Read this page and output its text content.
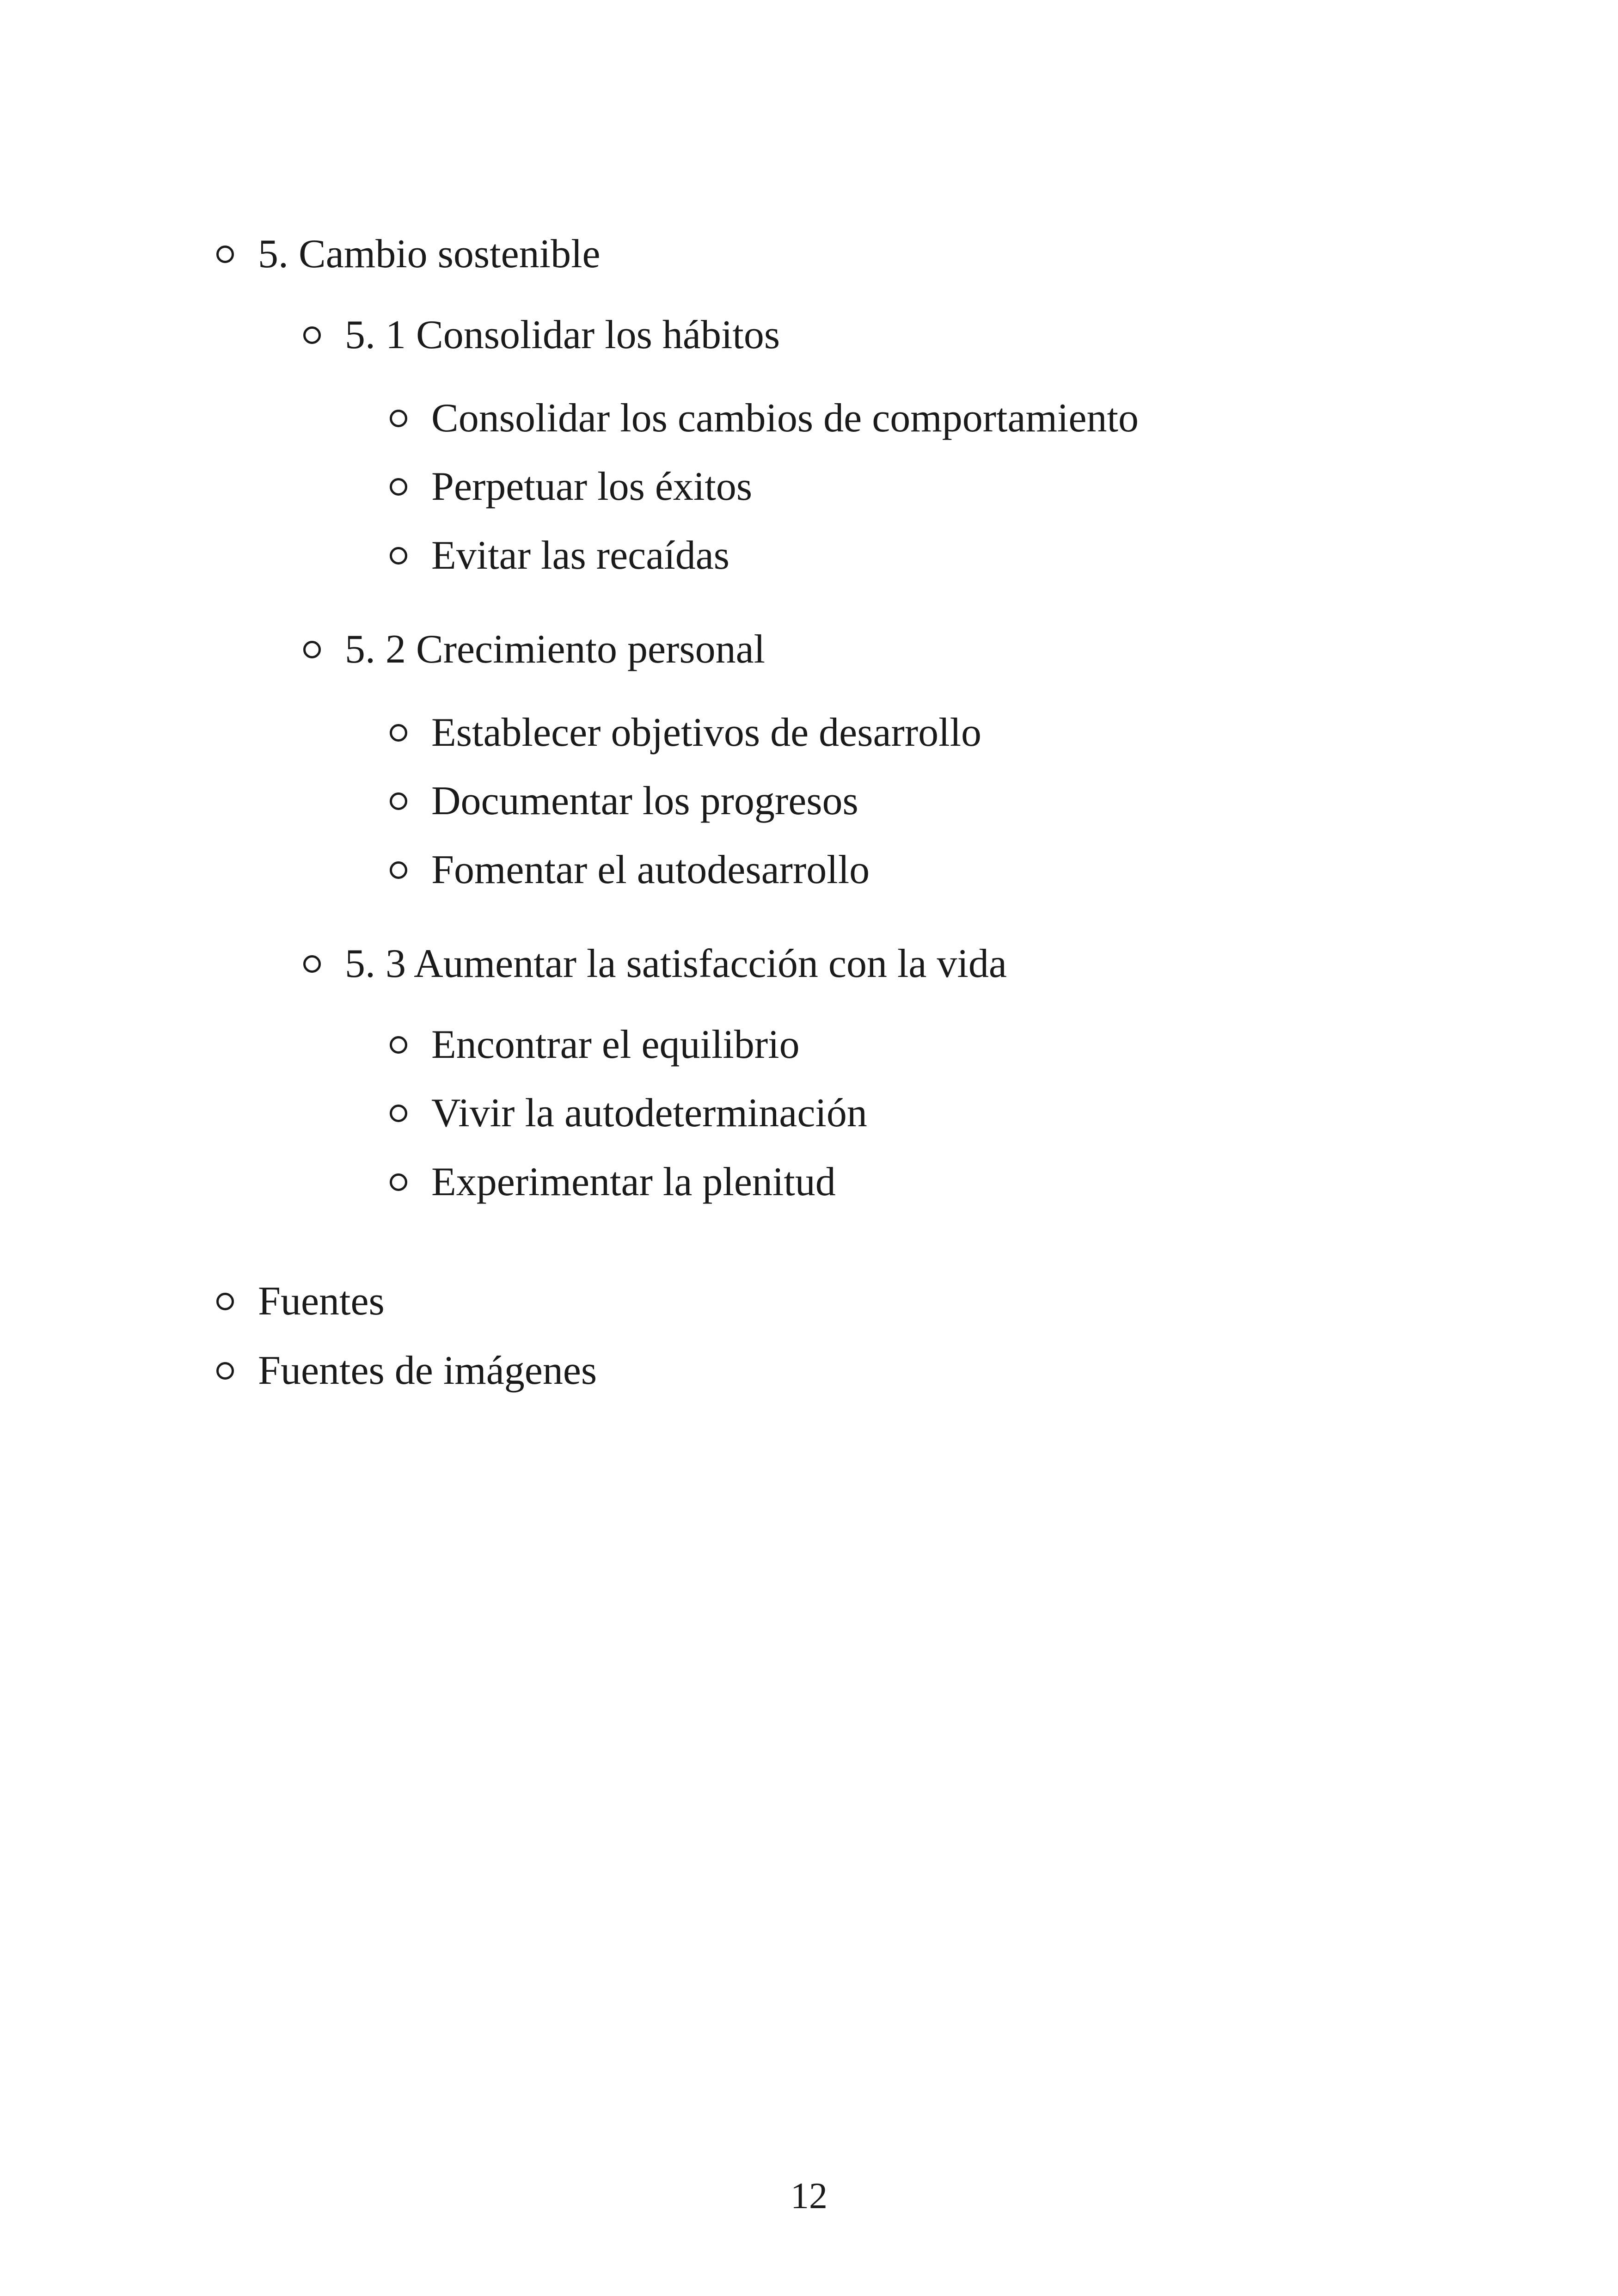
5. Cambio sostenible
5. 1 Consolidar los hábitos
Consolidar los cambios de comportamiento
Perpetuar los éxitos
Evitar las recaídas
5. 2 Crecimiento personal
Establecer objetivos de desarrollo
Documentar los progresos
Fomentar el autodesarrollo
5. 3 Aumentar la satisfacción con la vida
Encontrar el equilibrio
Vivir la autodeterminación
Experimentar la plenitud
Fuentes
Fuentes de imágenes
12
